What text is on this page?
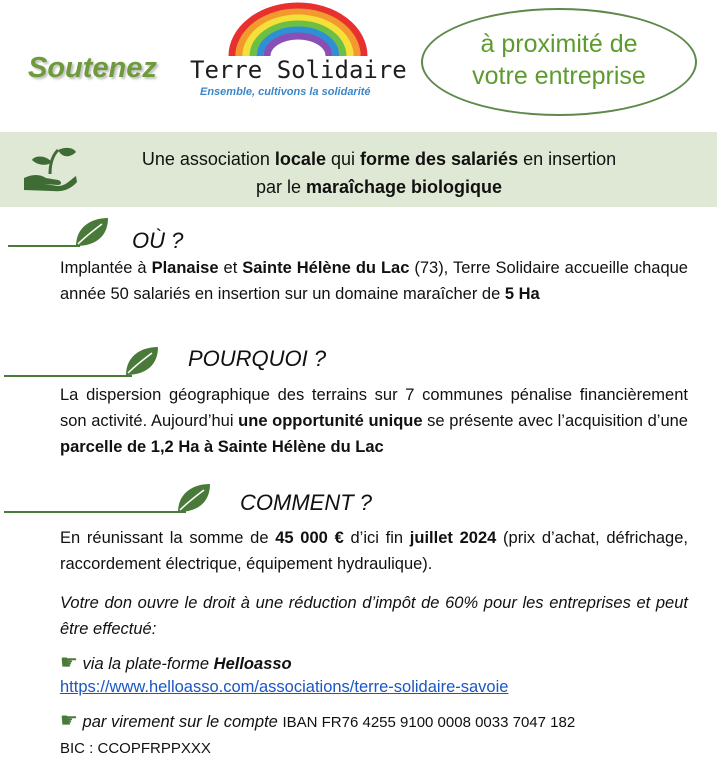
Soutenez Terre Solidaire
Ensemble, cultivons la solidarité
à proximité de
votre entreprise
Une association locale qui forme des salariés en insertion
par le maraîchage biologique
OÙ ?
Implantée à Planaise et Sainte Hélène du Lac (73), Terre Solidaire accueille chaque année 50 salariés en insertion sur un domaine maraîcher de 5 Ha
POURQUOI ?
La dispersion géographique des terrains sur 7 communes pénalise financièrement son activité. Aujourd’hui une opportunité unique se présente avec l’acquisition d’une parcelle de 1,2 Ha à Sainte Hélène du Lac
COMMENT ?
En réunissant la somme de 45 000 € d’ici fin juillet 2024 (prix d’achat, défrichage, raccordement électrique, équipement hydraulique).
Votre don ouvre le droit à une réduction d’impôt de 60% pour les entreprises et peut être effectué:
☛ via la plate-forme Helloasso
https://www.helloasso.com/associations/terre-solidaire-savoie
☛ par virement sur le compte IBAN FR76 4255 9100 0008 0033 7047 182
BIC : CCOPFRPPXXX
